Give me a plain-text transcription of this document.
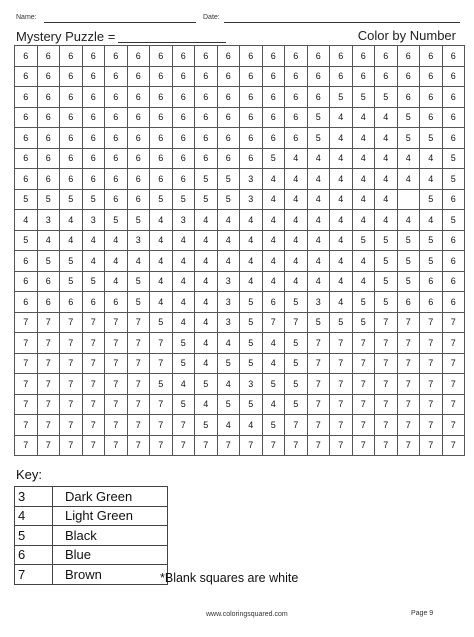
Name:	Date:
Mystery Puzzle =	Color by Number
6	6	6	6	6	6	6	6	6	6	6	6	6	6	6	6	6	6	6	6
6	6	6	6	6	6	6	6	6	6	6	6	6	6	6	6	6	6	6	6
6	6	6	6	6	6	6	6	6	6	6	6	6	6	5	5	5	6	6	6
6	6	6	6	6	6	6	6	6	6	6	6	6	5	4	4	4	5	6	6
6	6	6	6	6	6	6	6	6	6	6	6	6	5	4	4	4	5	5	6
6	6	6	6	6	6	6	6	6	6	6	5	4	4	4	4	4	4	4	5
6	6	6	6	6	6	6	6	5	5	3	4	4	4	4	4	4	4	4	5
5	5	5	5	6	6	5	5	5	5	3	4	4	4	4	4	4		5	6
4	3	4	3	5	5	4	3	4	4	4	4	4	4	4	4	4	4	4	5
5	4	4	4	4	3	4	4	4	4	4	4	4	4	4	5	5	5	5	6
6	5	5	4	4	4	4	4	4	4	4	4	4	4	4	4	5	5	5	6
6	6	5	5	4	5	4	4	4	3	4	4	4	4	4	4	5	5	6	6
6	6	6	6	6	5	4	4	4	3	5	6	5	3	4	5	5	6	6	6
7	7	7	7	7	7	5	4	4	3	5	7	7	5	5	5	7	7	7	7
7	7	7	7	7	7	7	5	4	4	5	4	5	7	7	7	7	7	7	7
7	7	7	7	7	7	7	5	4	5	5	4	5	7	7	7	7	7	7	7
7	7	7	7	7	7	5	4	5	4	3	5	5	7	7	7	7	7	7	7
7	7	7	7	7	7	7	5	4	5	5	4	5	7	7	7	7	7	7	7
7	7	7	7	7	7	7	7	5	4	4	5	7	7	7	7	7	7	7	7
7	7	7	7	7	7	7	7	7	7	7	7	7	7	7	7	7	7	7	7
Key:
3	Dark Green
4	Light Green
5	Black
6	Blue
7	Brown	*Blank squares are white
www.coloringsquared.com	Page 9
